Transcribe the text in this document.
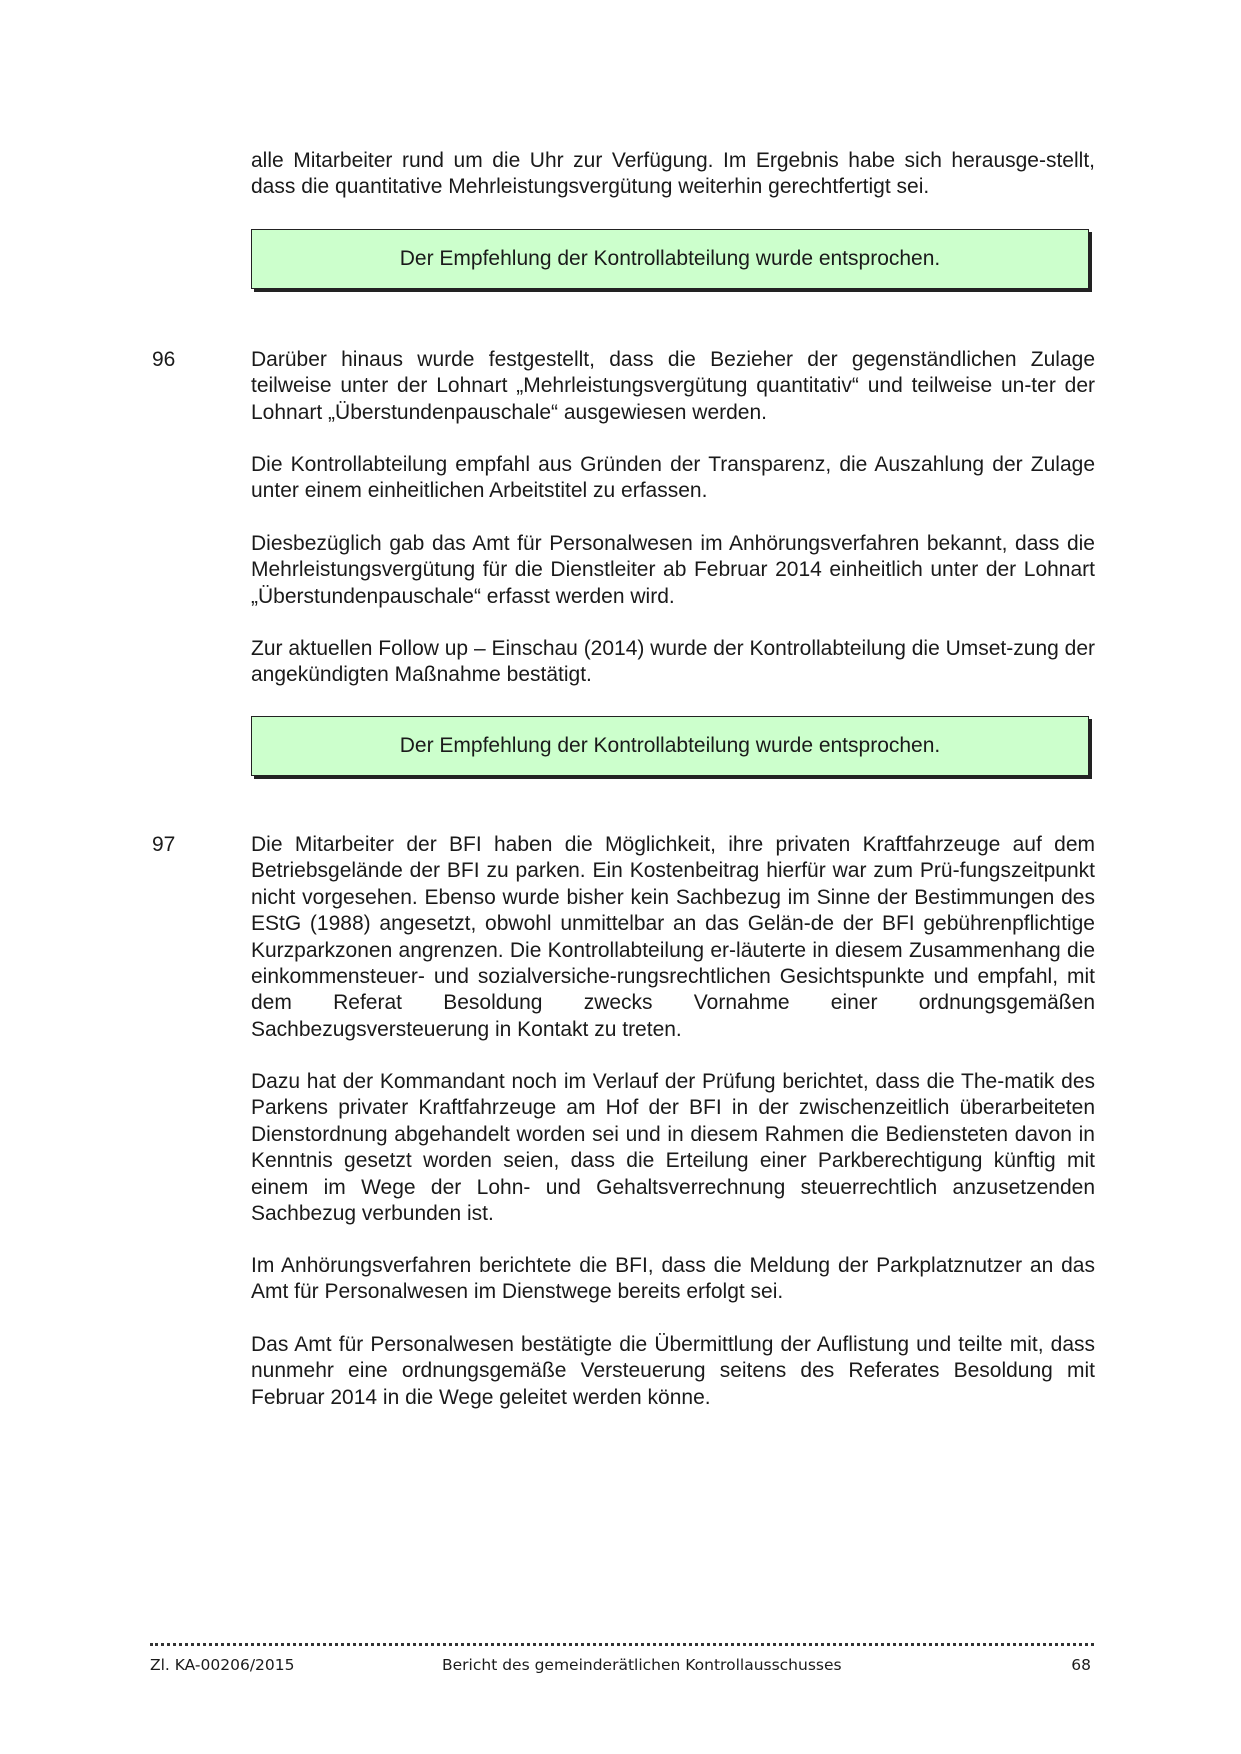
alle Mitarbeiter rund um die Uhr zur Verfügung. Im Ergebnis habe sich herausge-stellt, dass die quantitative Mehrleistungsvergütung weiterhin gerechtfertigt sei.

Der Empfehlung der Kontrollabteilung wurde entsprochen.
96	Darüber hinaus wurde festgestellt, dass die Bezieher der gegenständlichen Zulage teilweise unter der Lohnart „Mehrleistungsvergütung quantitativ“ und teilweise un-ter der Lohnart „Überstundenpauschale“ ausgewiesen werden.

Die Kontrollabteilung empfahl aus Gründen der Transparenz, die Auszahlung der Zulage unter einem einheitlichen Arbeitstitel zu erfassen.

Diesbezüglich gab das Amt für Personalwesen im Anhörungsverfahren bekannt, dass die Mehrleistungsvergütung für die Dienstleiter ab Februar 2014 einheitlich unter der Lohnart „Überstundenpauschale“ erfasst werden wird.

Zur aktuellen Follow up – Einschau (2014) wurde der Kontrollabteilung die Umset-zung der angekündigten Maßnahme bestätigt.

Der Empfehlung der Kontrollabteilung wurde entsprochen.
97	Die Mitarbeiter der BFI haben die Möglichkeit, ihre privaten Kraftfahrzeuge auf dem Betriebsgelände der BFI zu parken. Ein Kostenbeitrag hierfür war zum Prü-fungszeitpunkt nicht vorgesehen. Ebenso wurde bisher kein Sachbezug im Sinne der Bestimmungen des EStG (1988) angesetzt, obwohl unmittelbar an das Gelän-de der BFI gebührenpflichtige Kurzparkzonen angrenzen. Die Kontrollabteilung er-läuterte in diesem Zusammenhang die einkommensteuer- und sozialversiche-rungsrechtlichen Gesichtspunkte und empfahl, mit dem Referat Besoldung zwecks Vornahme einer ordnungsgemäßen Sachbezugsversteuerung in Kontakt zu treten.

Dazu hat der Kommandant noch im Verlauf der Prüfung berichtet, dass die The-matik des Parkens privater Kraftfahrzeuge am Hof der BFI in der zwischenzeitlich überarbeiteten Dienstordnung abgehandelt worden sei und in diesem Rahmen die Bediensteten davon in Kenntnis gesetzt worden seien, dass die Erteilung einer Parkberechtigung künftig mit einem im Wege der Lohn- und Gehaltsverrechnung steuerrechtlich anzusetzenden Sachbezug verbunden ist.

Im Anhörungsverfahren berichtete die BFI, dass die Meldung der Parkplatznutzer an das Amt für Personalwesen im Dienstwege bereits erfolgt sei.

Das Amt für Personalwesen bestätigte die Übermittlung der Auflistung und teilte mit, dass nunmehr eine ordnungsgemäße Versteuerung seitens des Referates Besoldung mit Februar 2014 in die Wege geleitet werden könne.

Zl. KA-00206/2015	Bericht des gemeinderätlichen Kontrollausschusses	68
